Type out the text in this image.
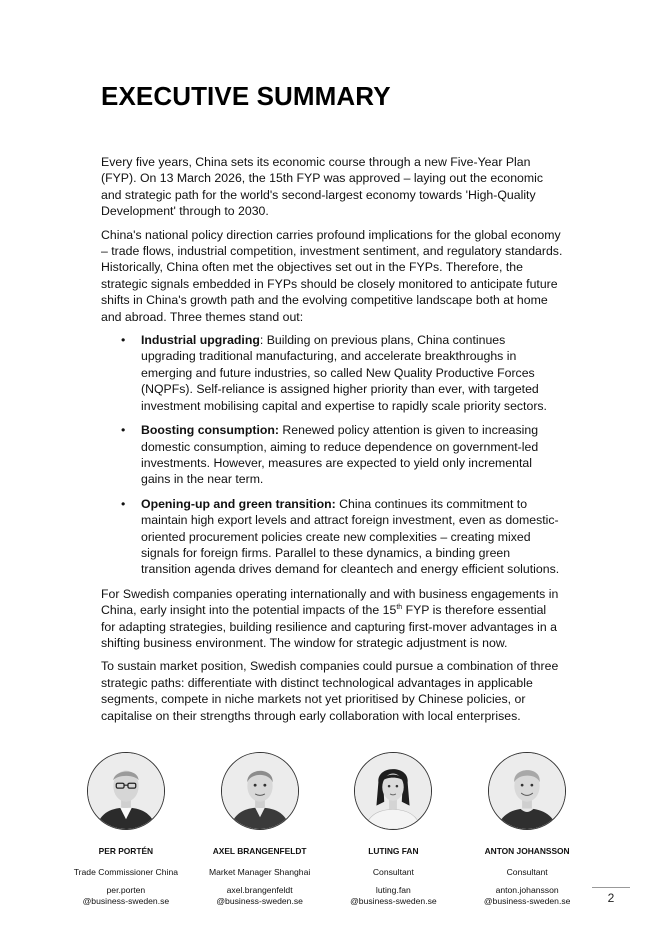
EXECUTIVE SUMMARY

Every five years, China sets its economic course through a new Five-Year Plan (FYP). On 13 March 2026, the 15th FYP was approved – laying out the economic and strategic path for the world's second-largest economy towards 'High-Quality Development' through to 2030.

China's national policy direction carries profound implications for the global economy – trade flows, industrial competition, investment sentiment, and regulatory standards. Historically, China often met the objectives set out in the FYPs. Therefore, the strategic signals embedded in FYPs should be closely monitored to anticipate future shifts in China's growth path and the evolving competitive landscape both at home and abroad. Three themes stand out:

• Industrial upgrading: Building on previous plans, China continues upgrading traditional manufacturing, and accelerate breakthroughs in emerging and future industries, so called New Quality Productive Forces (NQPFs). Self-reliance is assigned higher priority than ever, with targeted investment mobilising capital and expertise to rapidly scale priority sectors.
• Boosting consumption: Renewed policy attention is given to increasing domestic consumption, aiming to reduce dependence on government-led investments. However, measures are expected to yield only incremental gains in the near term.
• Opening-up and green transition: China continues its commitment to maintain high export levels and attract foreign investment, even as domestic-oriented procurement policies create new complexities – creating mixed signals for foreign firms. Parallel to these dynamics, a binding green transition agenda drives demand for cleantech and energy efficient solutions.

For Swedish companies operating internationally and with business engagements in China, early insight into the potential impacts of the 15th FYP is therefore essential for adapting strategies, building resilience and capturing first-mover advantages in a shifting business environment. The window for strategic adjustment is now.

To sustain market position, Swedish companies could pursue a combination of three strategic paths: differentiate with distinct technological advantages in applicable segments, compete in niche markets not yet prioritised by Chinese policies, or capitalise on their strengths through early collaboration with local enterprises.

PER PORTÉN
Trade Commissioner China
per.porten
@business-sweden.se
AXEL BRANGENFELDT
Market Manager Shanghai
axel.brangenfeldt
@business-sweden.se
LUTING FAN
Consultant
luting.fan
@business-sweden.se
ANTON JOHANSSON
Consultant
anton.johansson
@business-sweden.se	2
